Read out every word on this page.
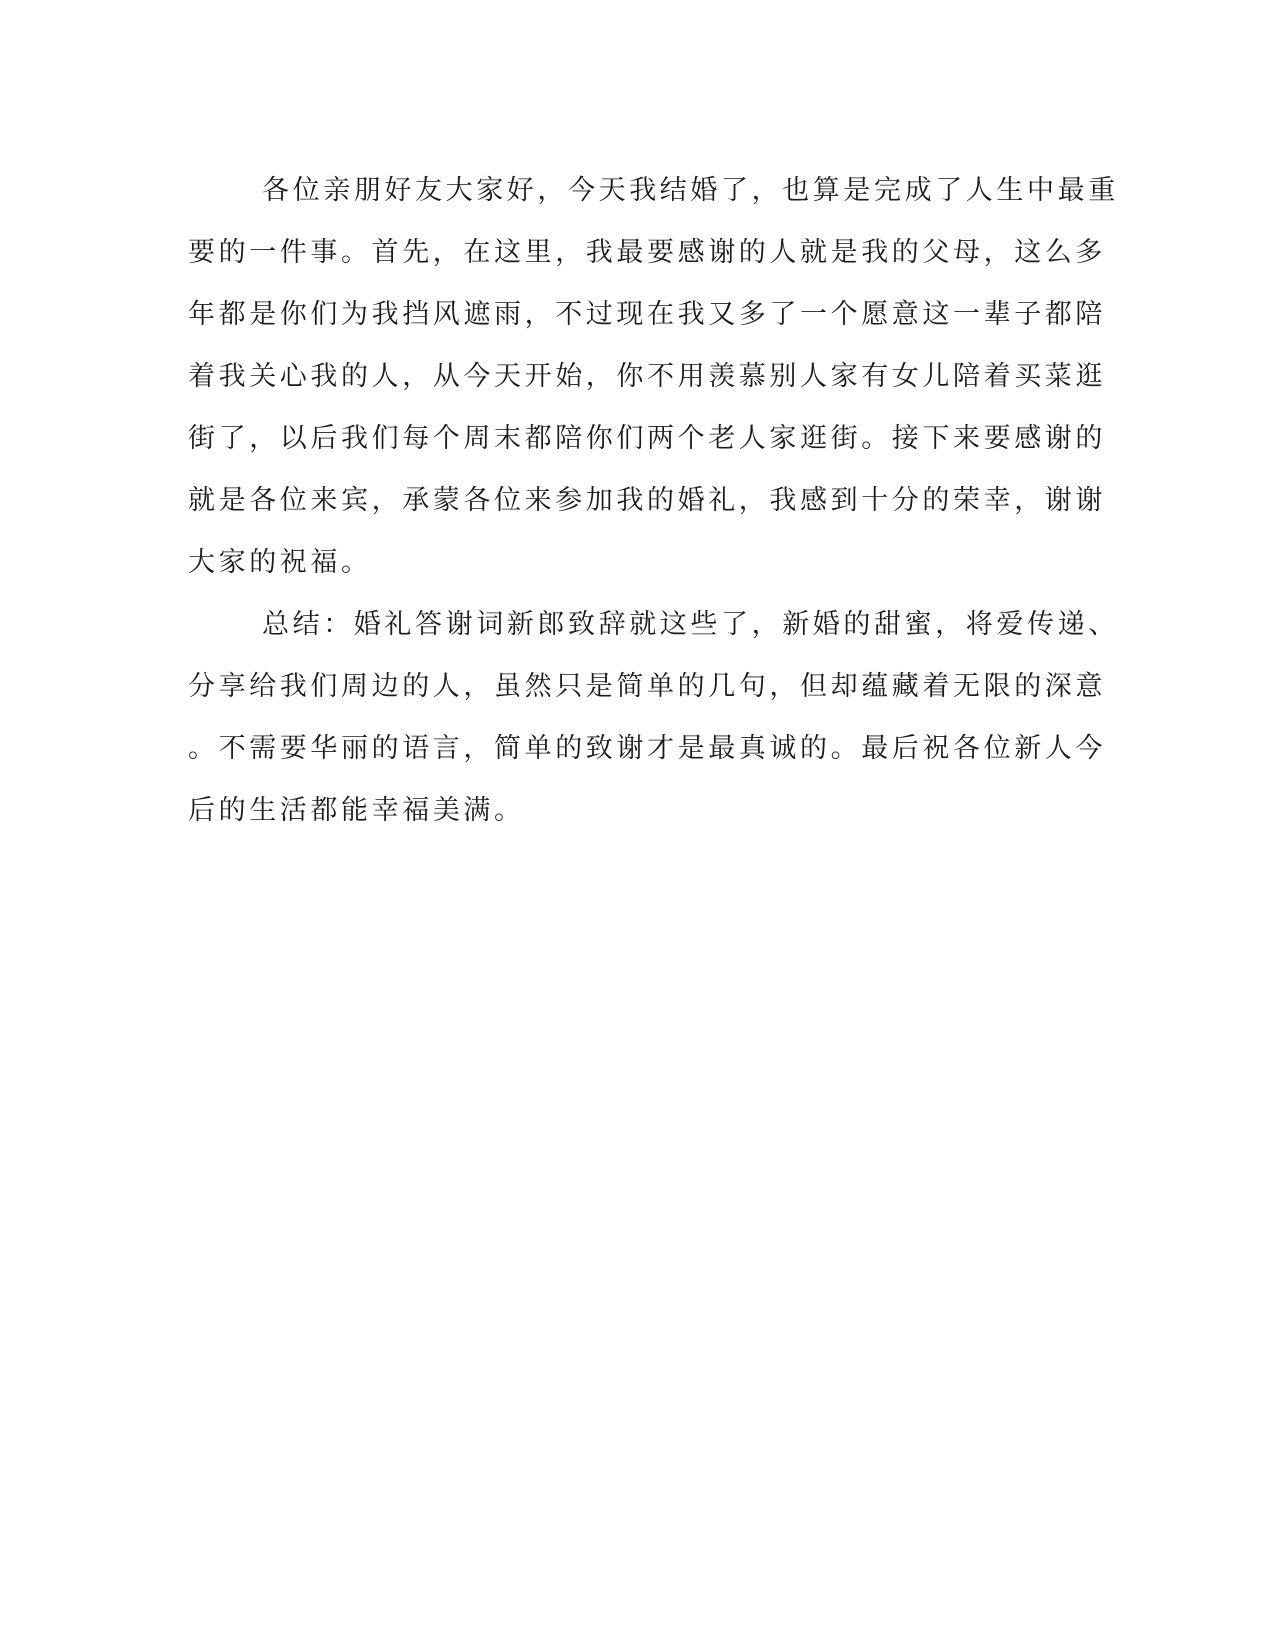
各位亲朋好友大家好，今天我结婚了，也算是完成了人生中最重
要的一件事。首先，在这里，我最要感谢的人就是我的父母，这么多
年都是你们为我挡风遮雨，不过现在我又多了一个愿意这一辈子都陪
着我关心我的人，从今天开始，你不用羡慕别人家有女儿陪着买菜逛
街了，以后我们每个周末都陪你们两个老人家逛街。接下来要感谢的
就是各位来宾，承蒙各位来参加我的婚礼，我感到十分的荣幸，谢谢
大家的祝福。
总结：婚礼答谢词新郎致辞就这些了，新婚的甜蜜，将爱传递、
分享给我们周边的人，虽然只是简单的几句，但却蕴藏着无限的深意
。不需要华丽的语言，简单的致谢才是最真诚的。最后祝各位新人今
后的生活都能幸福美满。
